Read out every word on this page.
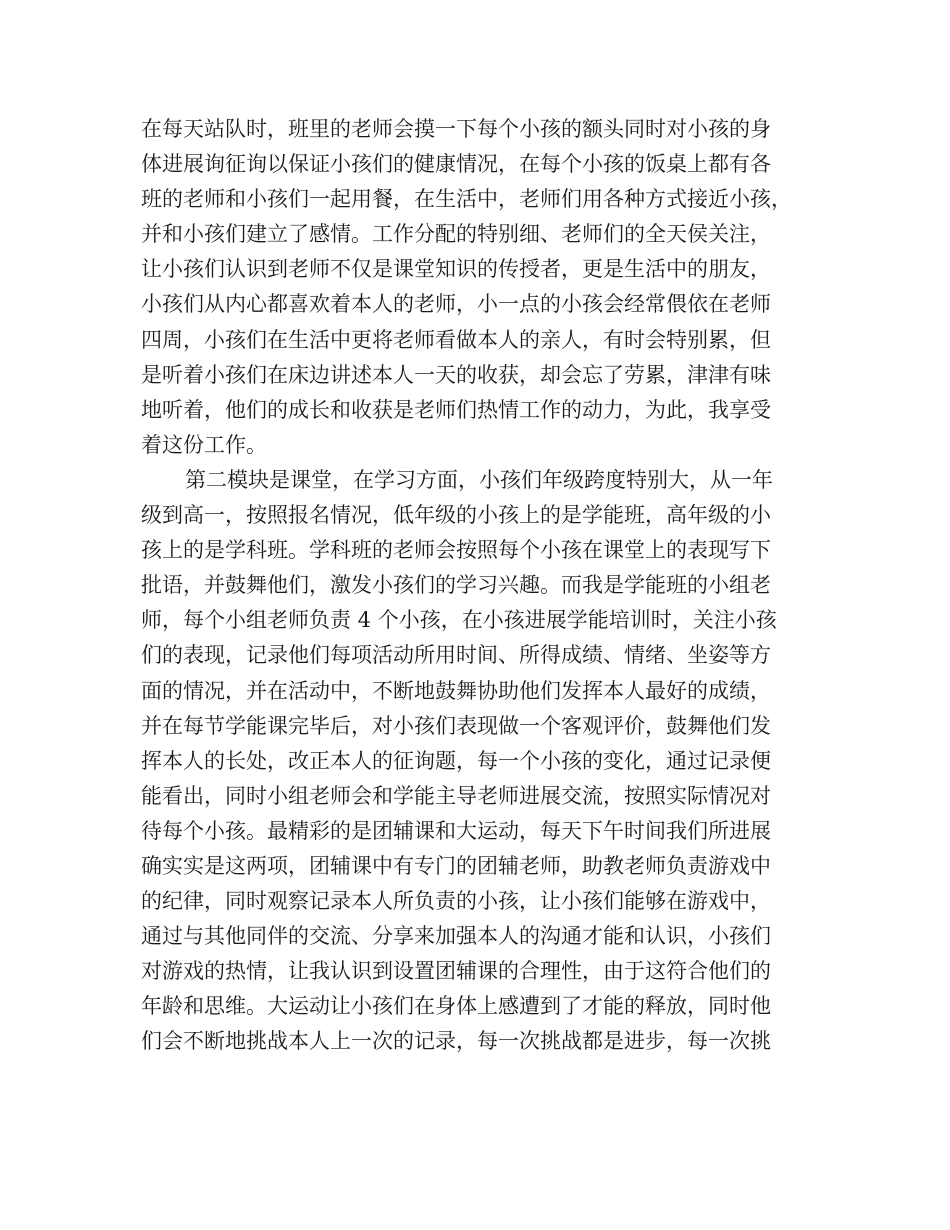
在每天站队时，班里的老师会摸一下每个小孩的额头同时对小孩的身
体进展询征询以保证小孩们的健康情况，在每个小孩的饭桌上都有各
班的老师和小孩们一起用餐，在生活中，老师们用各种方式接近小孩，
并和小孩们建立了感情。工作分配的特别细、老师们的全天侯关注，
让小孩们认识到老师不仅是课堂知识的传授者，更是生活中的朋友，
小孩们从内心都喜欢着本人的老师，小一点的小孩会经常偎依在老师
四周，小孩们在生活中更将老师看做本人的亲人，有时会特别累，但
是听着小孩们在床边讲述本人一天的收获，却会忘了劳累，津津有味
地听着，他们的成长和收获是老师们热情工作的动力，为此，我享受
着这份工作。
第二模块是课堂，在学习方面，小孩们年级跨度特别大，从一年
级到高一，按照报名情况，低年级的小孩上的是学能班，高年级的小
孩上的是学科班。学科班的老师会按照每个小孩在课堂上的表现写下
批语，并鼓舞他们，激发小孩们的学习兴趣。而我是学能班的小组老
师，每个小组老师负责 4 个小孩，在小孩进展学能培训时，关注小孩
们的表现，记录他们每项活动所用时间、所得成绩、情绪、坐姿等方
面的情况，并在活动中，不断地鼓舞协助他们发挥本人最好的成绩，
并在每节学能课完毕后，对小孩们表现做一个客观评价，鼓舞他们发
挥本人的长处，改正本人的征询题，每一个小孩的变化，通过记录便
能看出，同时小组老师会和学能主导老师进展交流，按照实际情况对
待每个小孩。最精彩的是团辅课和大运动，每天下午时间我们所进展
确实实是这两项，团辅课中有专门的团辅老师，助教老师负责游戏中
的纪律，同时观察记录本人所负责的小孩，让小孩们能够在游戏中，
通过与其他同伴的交流、分享来加强本人的沟通才能和认识，小孩们
对游戏的热情，让我认识到设置团辅课的合理性，由于这符合他们的
年龄和思维。大运动让小孩们在身体上感遭到了才能的释放，同时他
们会不断地挑战本人上一次的记录，每一次挑战都是进步，每一次挑
